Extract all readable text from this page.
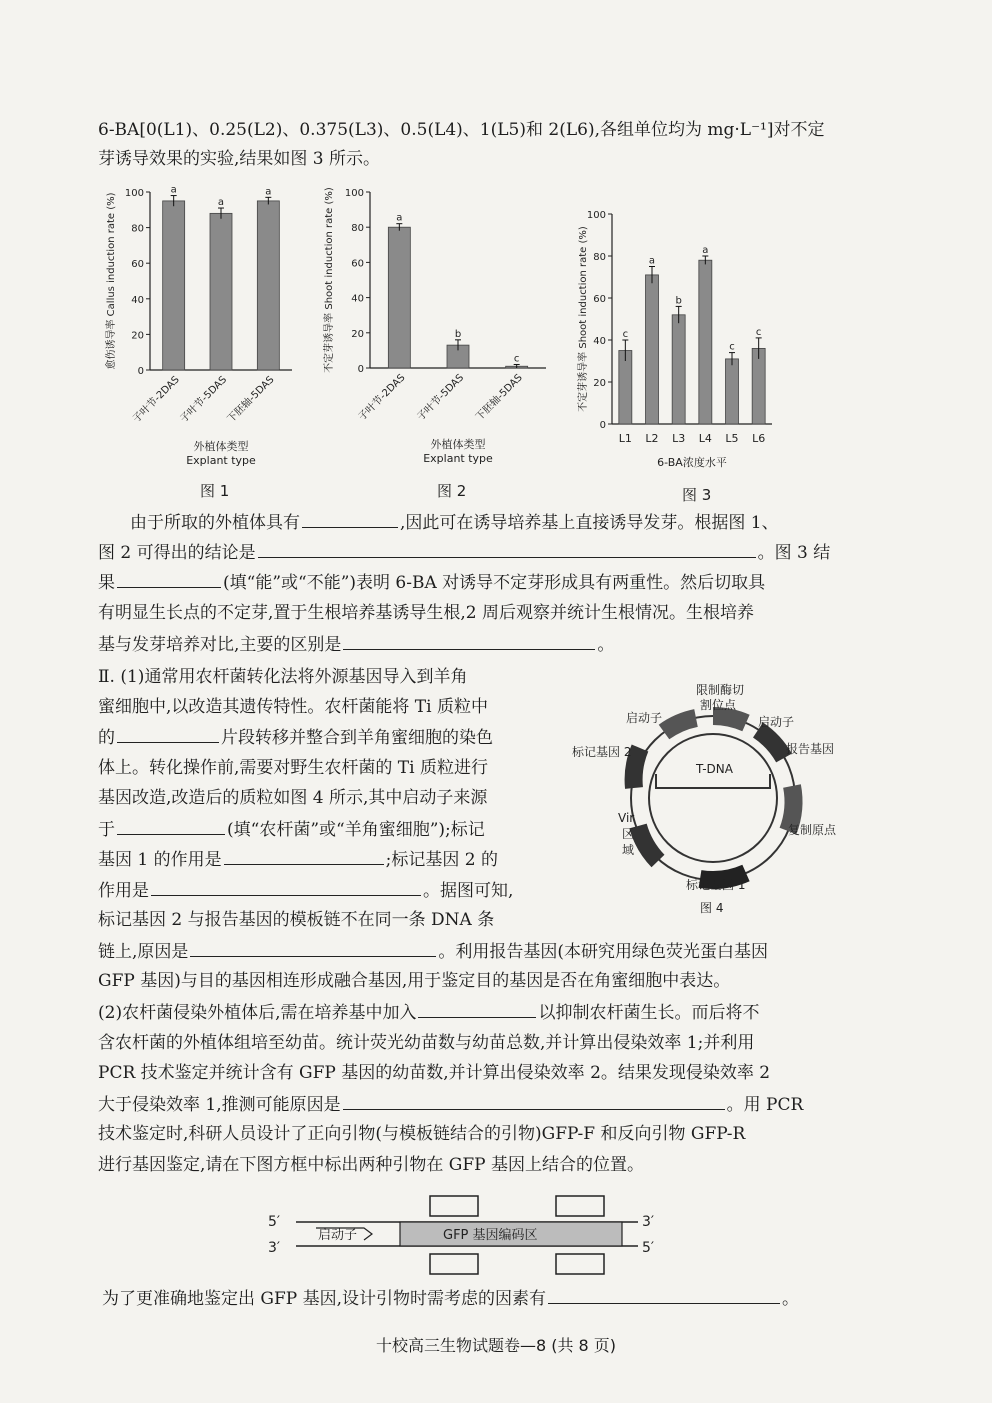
6-BA[0(L1)、0.25(L2)、0.375(L3)、0.5(L4)、1(L5)和 2(L6),各组单位均为 mg·L⁻¹]对不定
芽诱导效果的实验,结果如图 3 所示。
0
20
40
60
80
100	a
子叶节-2DAS
a
子叶节-5DAS
a
下胚轴-5DAS
愈伤诱导率 Callus induction rate (%)
外植体类型
Explant type
0
20
40
60
80
100
a
子叶节-2DAS
b
子叶节-5DAS
c
下胚轴-5DAS
不定芽诱导率 Shoot induction rate (%)
外植体类型
Explant type
0
20
40
60
80
100
c
L1
a
L2
b
L3
a
L4
c
L5
c
L6
不定芽诱导率 Shoot induction rate (%)
6-BA浓度水平
图 1	图 2	图 3
由于所取的外植体具有	,因此可在诱导培养基上直接诱导发芽。根据图 1、
图 2 可得出的结论是	。图 3 结
果	(填“能”或“不能”)表明 6-BA 对诱导不定芽形成具有两重性。然后切取具
有明显生长点的不定芽,置于生根培养基诱导生根,2 周后观察并统计生根情况。生根培养
基与发芽培养对比,主要的区别是	。
Ⅱ. (1)通常用农杆菌转化法将外源基因导入到羊角
蜜细胞中,以改造其遗传特性。农杆菌能将 Ti 质粒中
的	片段转移并整合到羊角蜜细胞的染色
体上。转化操作前,需要对野生农杆菌的 Ti 质粒进行
基因改造,改造后的质粒如图 4 所示,其中启动子来源
于	(填“农杆菌”或“羊角蜜细胞”);标记
基因 1 的作用是	;标记基因 2 的
作用是	。据图可知,
标记基因 2 与报告基因的模板链不在同一条 DNA 条
链上,原因是	。利用报告基因(本研究用绿色荧光蛋白基因
GFP 基因)与目的基因相连形成融合基因,用于鉴定目的基因是否在角蜜细胞中表达。
(2)农杆菌侵染外植体后,需在培养基中加入	以抑制农杆菌生长。而后将不
含农杆菌的外植体组培至幼苗。统计荧光幼苗数与幼苗总数,并计算出侵染效率 1;并利用
PCR 技术鉴定并统计含有 GFP 基因的幼苗数,并计算出侵染效率 2。结果发现侵染效率 2
大于侵染效率 1,推测可能原因是	。用 PCR
技术鉴定时,科研人员设计了正向引物(与模板链结合的引物)GFP-F 和反向引物 GFP-R
进行基因鉴定,请在下图方框中标出两种引物在 GFP 基因上结合的位置。
T-DNA
限制酶切
割位点
启动子	启动子
标记基因 2	报告基因
Vir
区
域
复制原点
标记基因 1
图 4
5′	3′
3′	5′
启动子	GFP 基因编码区
为了更准确地鉴定出 GFP 基因,设计引物时需考虑的因素有	。
十校高三生物试题卷—8 (共 8 页)
